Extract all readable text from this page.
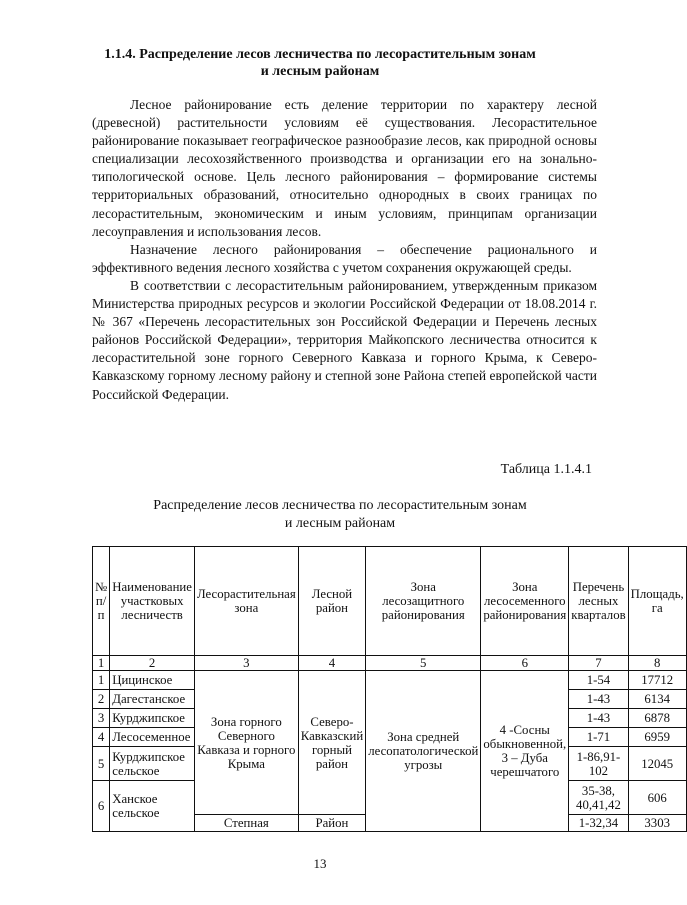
1.1.4. Распределение лесов лесничества по лесорастительным зонам и лесным районам

Лесное районирование есть деление территории по характеру лесной (древесной) растительности условиям её существования. Лесорастительное районирование показывает географическое разнообразие лесов, как природной основы специализации лесохозяйственного производства и организации его на зонально-типологической основе. Цель лесного районирования – формирование системы территориальных образований, относительно однородных в своих границах по лесорастительным, экономическим и иным условиям, принципам организации лесоуправления и использования лесов.

Назначение лесного районирования – обеспечение рационального и эффективного ведения лесного хозяйства с учетом сохранения окружающей среды.

В соответствии с лесорастительным районированием, утвержденным приказом Министерства природных ресурсов и экологии Российской Федерации от 18.08.2014 г. № 367 «Перечень лесорастительных зон Российской Федерации и Перечень лесных районов Российской Федерации», территория Майкопского лесничества относится к лесорастительной зоне горного Северного Кавказа и горного Крыма, к Северо-Кавказскому горному лесному району и степной зоне Района степей европейской части Российской Федерации.

Таблица 1.1.4.1
Распределение лесов лесничества по лесорастительным зонам и лесным районам
№ п/п	Наименование участковых лесничеств	Лесорастительная зона	Лесной район	Зона лесозащитного районирования	Зона лесосеменного районирования	Перечень лесных кварталов	Площадь, га
1	2	3	4	5	6	7	8
1	Цицинское	Зона горного Северного Кавказа и горного Крыма	Северо-Кавказский горный район	Зона средней лесопатологической угрозы	4 -Сосны обыкновенной, 3 – Дуба черешчатого	1-54	17712
2	Дагестанское					1-43	6134
3	Курджипское					1-43	6878
4	Лесосеменное					1-71	6959
5	Курджипское сельское					1-86,91-102	12045
6	Ханское сельское					35-38, 40,41,42	606
		Степная	Район			1-32,34	3303
13
